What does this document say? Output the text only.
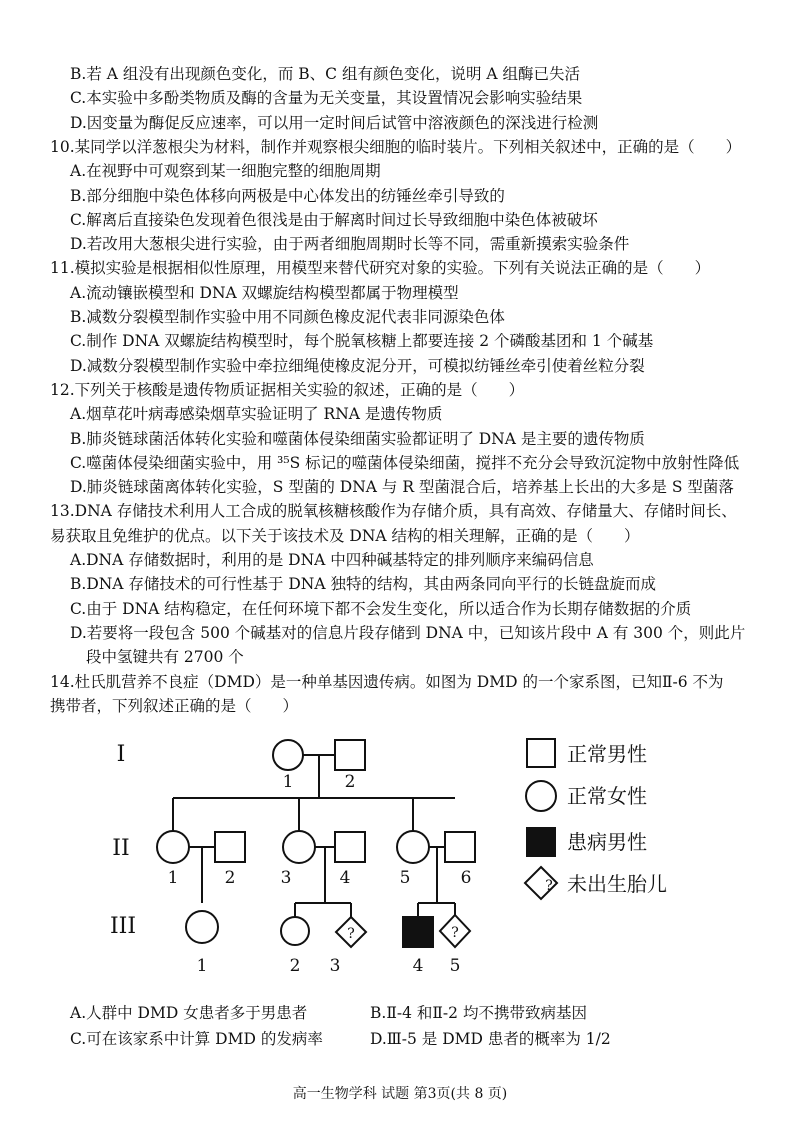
B.若 A 组没有出现颜色变化，而 B、C 组有颜色变化，说明 A 组酶已失活
C.本实验中多酚类物质及酶的含量为无关变量，其设置情况会影响实验结果
D.因变量为酶促反应速率，可以用一定时间后试管中溶液颜色的深浅进行检测
10.某同学以洋葱根尖为材料，制作并观察根尖细胞的临时装片。下列相关叙述中，正确的是（　　）
A.在视野中可观察到某一细胞完整的细胞周期
B.部分细胞中染色体移向两极是中心体发出的纺锤丝牵引导致的
C.解离后直接染色发现着色很浅是由于解离时间过长导致细胞中染色体被破坏
D.若改用大葱根尖进行实验，由于两者细胞周期时长等不同，需重新摸索实验条件
11.模拟实验是根据相似性原理，用模型来替代研究对象的实验。下列有关说法正确的是（　　）
A.流动镶嵌模型和 DNA 双螺旋结构模型都属于物理模型
B.减数分裂模型制作实验中用不同颜色橡皮泥代表非同源染色体
C.制作 DNA 双螺旋结构模型时，每个脱氧核糖上都要连接 2 个磷酸基团和 1 个碱基
D.减数分裂模型制作实验中牵拉细绳使橡皮泥分开，可模拟纺锤丝牵引使着丝粒分裂
12.下列关于核酸是遗传物质证据相关实验的叙述，正确的是（　　）
A.烟草花叶病毒感染烟草实验证明了 RNA 是遗传物质
B.肺炎链球菌活体转化实验和噬菌体侵染细菌实验都证明了 DNA 是主要的遗传物质
C.噬菌体侵染细菌实验中，用 ³⁵S 标记的噬菌体侵染细菌，搅拌不充分会导致沉淀物中放射性降低
D.肺炎链球菌离体转化实验，S 型菌的 DNA 与 R 型菌混合后，培养基上长出的大多是 S 型菌落
13.DNA 存储技术利用人工合成的脱氧核糖核酸作为存储介质，具有高效、存储量大、存储时间长、
易获取且免维护的优点。以下关于该技术及 DNA 结构的相关理解，正确的是（　　）
A.DNA 存储数据时，利用的是 DNA 中四种碱基特定的排列顺序来编码信息
B.DNA 存储技术的可行性基于 DNA 独特的结构，其由两条同向平行的长链盘旋而成
C.由于 DNA 结构稳定，在任何环境下都不会发生变化，所以适合作为长期存储数据的介质
D.若要将一段包含 500 个碱基对的信息片段存储到 DNA 中，已知该片段中 A 有 300 个，则此片
段中氢键共有 2700 个
14.杜氏肌营养不良症（DMD）是一种单基因遗传病。如图为 DMD 的一个家系图，已知Ⅱ-6 不为
携带者，下列叙述正确的是（　　）
?	?
I
II
III
1	2
1	2	3	4	5	6
1	2 3	4 5
?
正常男性
正常女性
患病男性
未出生胎儿
A.人群中 DMD 女患者多于男患者	B.Ⅱ-4 和Ⅱ-2 均不携带致病基因
C.可在该家系中计算 DMD 的发病率	D.Ⅲ-5 是 DMD 患者的概率为 1/2
高一生物学科 试题 第3页(共 8 页)
